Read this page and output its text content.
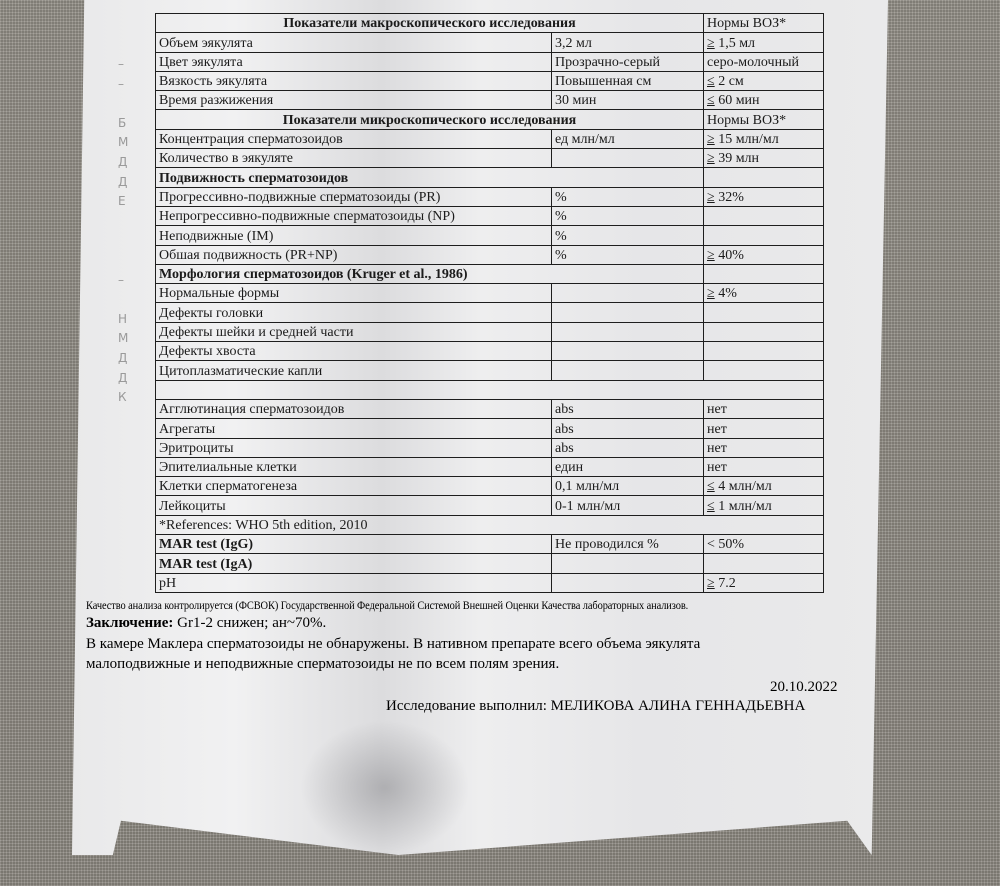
–
–

Б
М
Д
Д
Е

–

Н
М
Д
Д
К
Показатели макроскопического исследования		Нормы ВОЗ*
Объем эякулята	3,2 мл	≥ 1,5 мл
Цвет эякулята	Прозрачно-серый	серо-молочный
Вязкость эякулята	Повышенная см	≤ 2 см
Время разжижения	30 мин	≤ 60 мин
Показатели микроскопического исследования		Нормы ВОЗ*
Концентрация сперматозоидов	ед млн/мл	≥ 15 млн/мл
Количество в эякуляте		≥ 39 млн
Подвижность сперматозоидов		
Прогрессивно-подвижные сперматозоиды (PR)	%	≥ 32%
Непрогрессивно-подвижные сперматозоиды (NP)	%	
Неподвижные (IM)	%	
Обшая подвижность (PR+NP)	%	≥ 40%
Морфология сперматозоидов (Kruger et al., 1986)		
Нормальные формы		≥ 4%
Дефекты головки		
Дефекты шейки и средней части		
Дефекты хвоста		
Цитоплазматические капли		

Агглютинация сперматозоидов	abs	нет
Агрегаты	abs	нет
Эритроциты	abs	нет
Эпителиальные клетки	един	нет
Клетки сперматогенеза	0,1 млн/мл	≤ 4 млн/мл
Лейкоциты	0-1 млн/мл	≤ 1 млн/мл
*References: WHO 5th edition, 2010		
MAR test (IgG)	Не проводился %	< 50%
MAR test (IgA)		
pH		≥ 7.2
Качество анализа контролируется (ФСВОК) Государственной Федеральной Системой Внешней Оценки Качества лабораторных анализов.
Заключение: Gr1-2 снижен; ан~70%.
В камере Маклера сперматозоиды не обнаружены. В нативном препарате всего объема эякулята
малоподвижные и неподвижные сперматозоиды не по всем полям зрения.
20.10.2022
Исследование выполнил: МЕЛИКОВА АЛИНА ГЕННАДЬЕВНА
